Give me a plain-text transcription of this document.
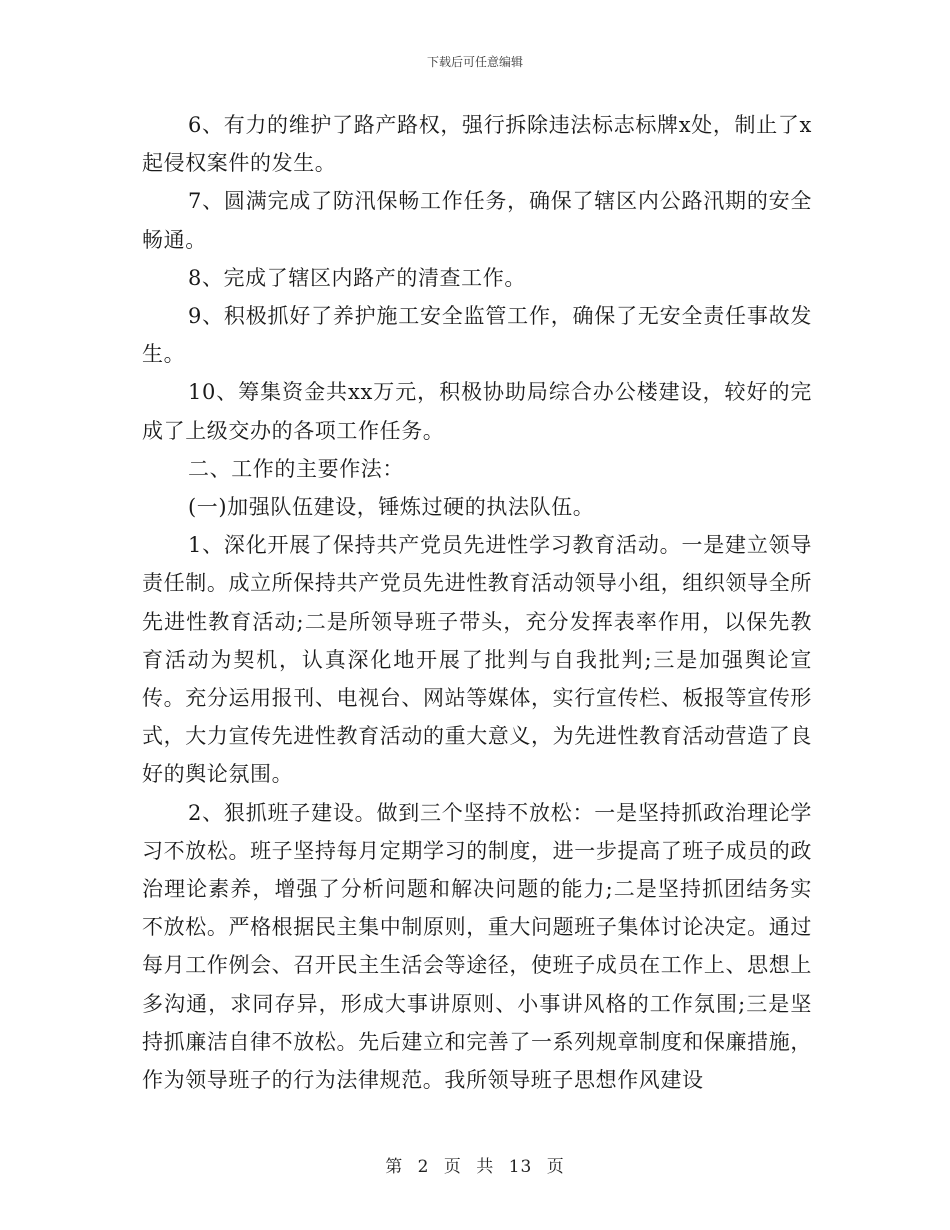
下载后可任意编辑

6、有力的维护了路产路权，强行拆除违法标志标牌x处，制止了x起侵权案件的发生。

7、圆满完成了防汛保畅工作任务，确保了辖区内公路汛期的安全畅通。

8、完成了辖区内路产的清查工作。

9、积极抓好了养护施工安全监管工作，确保了无安全责任事故发生。

10、筹集资金共xx万元，积极协助局综合办公楼建设，较好的完成了上级交办的各项工作任务。

二、工作的主要作法：

(一)加强队伍建设，锤炼过硬的执法队伍。

1、深化开展了保持共产党员先进性学习教育活动。一是建立领导责任制。成立所保持共产党员先进性教育活动领导小组，组织领导全所先进性教育活动;二是所领导班子带头，充分发挥表率作用，以保先教育活动为契机，认真深化地开展了批判与自我批判;三是加强舆论宣传。充分运用报刊、电视台、网站等媒体，实行宣传栏、板报等宣传形式，大力宣传先进性教育活动的重大意义，为先进性教育活动营造了良好的舆论氛围。

2、狠抓班子建设。做到三个坚持不放松：一是坚持抓政治理论学习不放松。班子坚持每月定期学习的制度，进一步提高了班子成员的政治理论素养，增强了分析问题和解决问题的能力;二是坚持抓团结务实不放松。严格根据民主集中制原则，重大问题班子集体讨论决定。通过每月工作例会、召开民主生活会等途径，使班子成员在工作上、思想上多沟通，求同存异，形成大事讲原则、小事讲风格的工作氛围;三是坚持抓廉洁自律不放松。先后建立和完善了一系列规章制度和保廉措施，作为领导班子的行为法律规范。我所领导班子思想作风建设

第 2 页 共 13 页
